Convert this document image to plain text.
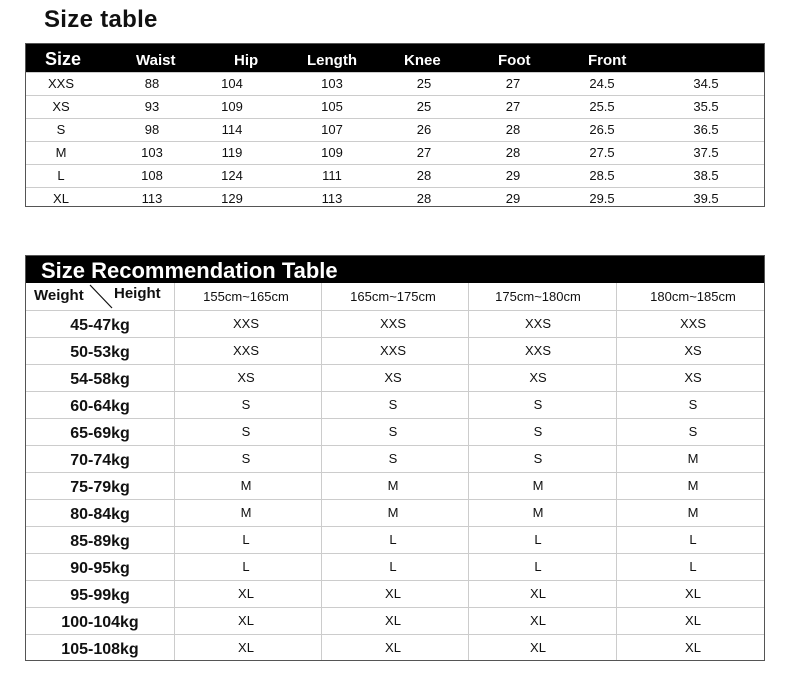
Size table
Size	Waist	Hip	Length	Knee	Foot	Front
XXS	88	104	103	25	27	24.5	34.5
XS	93	109	105	25	27	25.5	35.5
S	98	114	107	26	28	26.5	36.5
M	103	119	109	27	28	27.5	37.5
L	108	124	111	28	29	28.5	38.5
XL	113	129	113	28	29	29.5	39.5
Size Recommendation Table
Weight Height	155cm~165cm	165cm~175cm	175cm~180cm	180cm~185cm
45-47kg	XXS	XXS	XXS	XXS
50-53kg	XXS	XXS	XXS	XS
54-58kg	XS	XS	XS	XS
60-64kg	S	S	S	S
65-69kg	S	S	S	S
70-74kg	S	S	S	M
75-79kg	M	M	M	M
80-84kg	M	M	M	M
85-89kg	L	L	L	L
90-95kg	L	L	L	L
95-99kg	XL	XL	XL	XL
100-104kg	XL	XL	XL	XL
105-108kg	XL	XL	XL	XL
